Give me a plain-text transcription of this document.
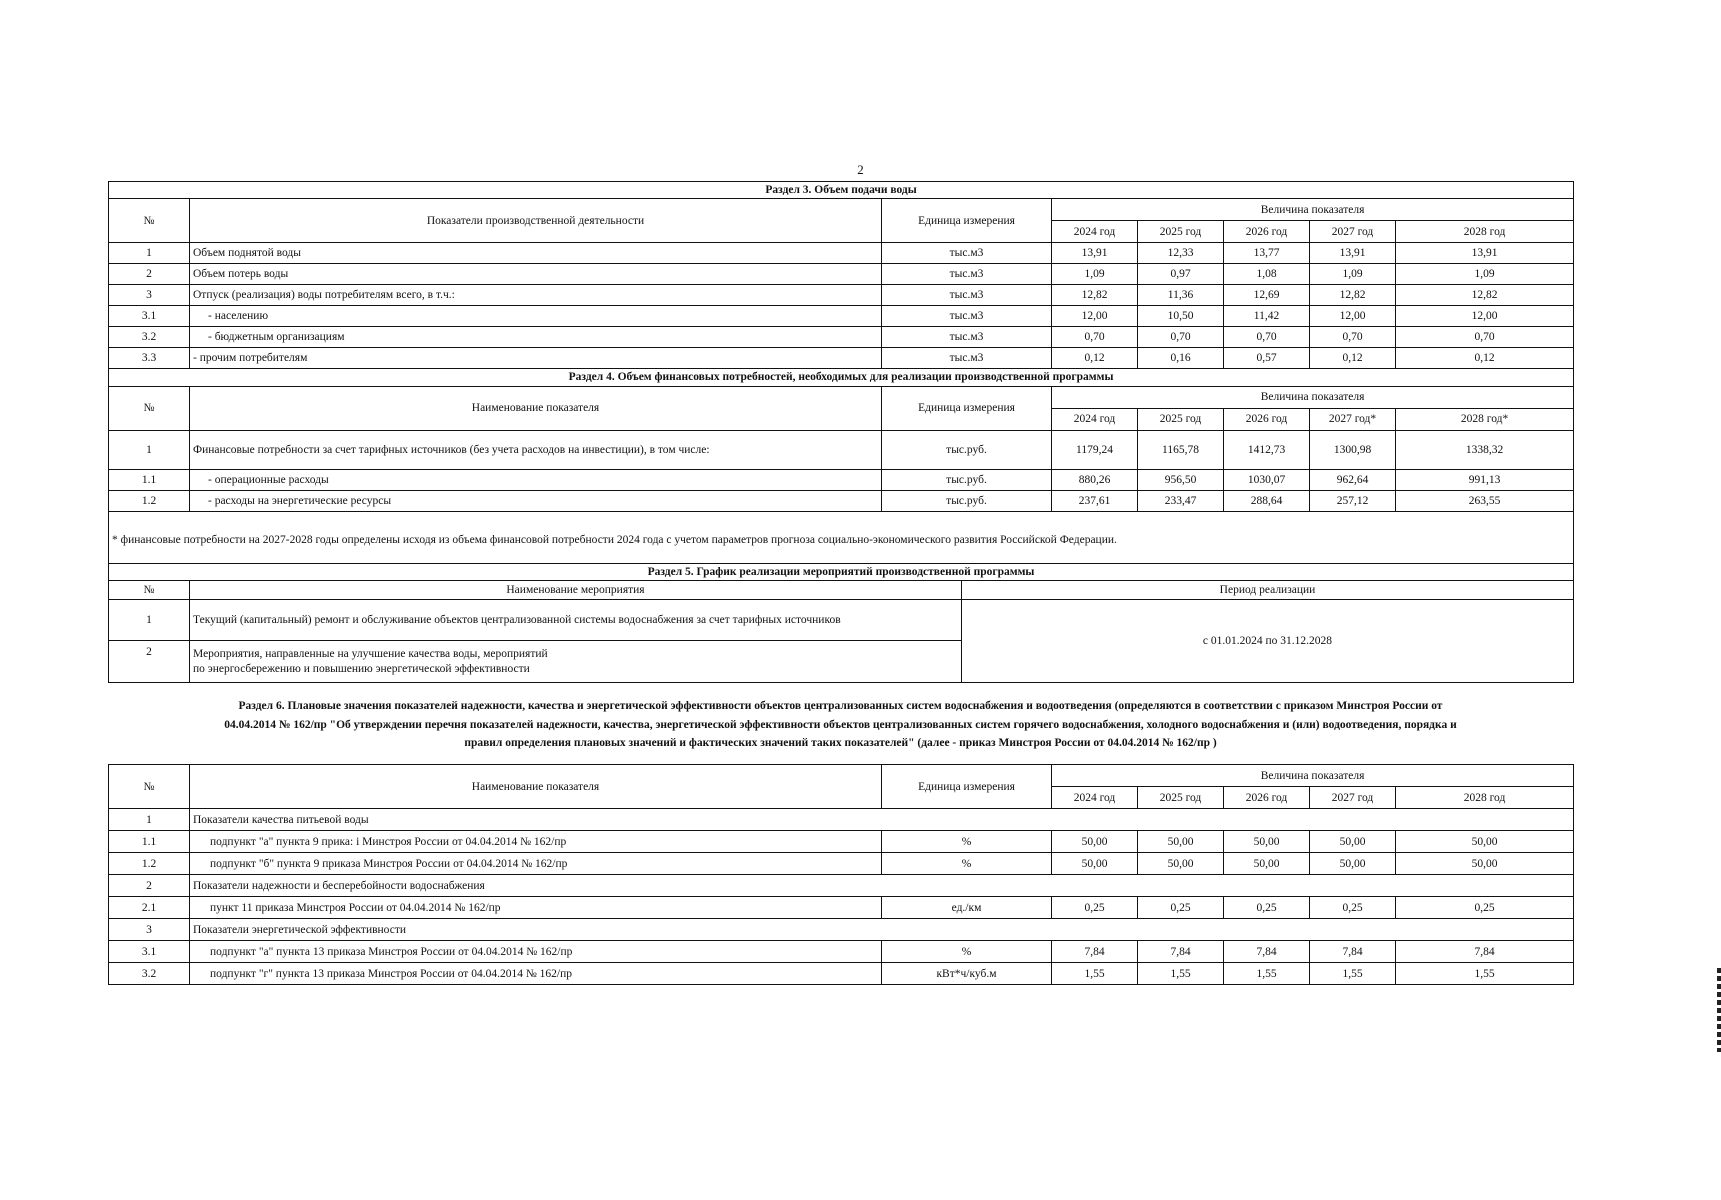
2
Раздел 3. Объем подачи воды							
№	Показатели производственной деятельности	Единица измерения	Величина показателя				
			2024 год	2025 год	2026 год	2027 год	2028 год
1	Объем поднятой воды	тыс.м3	13,91	12,33	13,77	13,91	13,91
2	Объем потерь воды	тыс.м3	1,09	0,97	1,08	1,09	1,09
3	Отпуск (реализация) воды потребителям всего, в т.ч.:	тыс.м3	12,82	11,36	12,69	12,82	12,82
3.1	- населению	тыс.м3	12,00	10,50	11,42	12,00	12,00
3.2	- бюджетным организациям	тыс.м3	0,70	0,70	0,70	0,70	0,70
3.3	- прочим потребителям	тыс.м3	0,12	0,16	0,57	0,12	0,12
Раздел 4. Объем финансовых потребностей, необходимых для реализации производственной программы							
№	Наименование показателя	Единица измерения	Величина показателя				
			2024 год	2025 год	2026 год	2027 год*	2028 год*
1	Финансовые потребности за счет тарифных источников (без учета расходов на инвестиции), в том числе:	тыс.руб.	1179,24	1165,78	1412,73	1300,98	1338,32
1.1	- операционные расходы	тыс.руб.	880,26	956,50	1030,07	962,64	991,13
1.2	- расходы на энергетические ресурсы	тыс.руб.	237,61	233,47	288,64	257,12	263,55
* финансовые потребности на 2027-2028 годы определены исходя из объема финансовой потребности 2024 года с учетом параметров прогноза социально-экономического развития Российской Федерации.							
Раздел 5. График реализации мероприятий производственной программы		
№	Наименование мероприятия	Период реализации
1	Текущий (капитальный) ремонт и обслуживание объектов централизованной системы водоснабжения за счет тарифных источников	с 01.01.2024 по 31.12.2028
2	Мероприятия, направленные на улучшение качества воды, мероприятий
по энергосбережению и повышению энергетической эффективности	
Раздел 6. Плановые значения показателей надежности, качества и энергетической эффективности объектов централизованных систем водоснабжения и водоотведения (определяются в соответствии с приказом Минстроя России от
04.04.2014 № 162/пр "Об утверждении перечня показателей надежности, качества, энергетической эффективности объектов централизованных систем горячего водоснабжения, холодного водоснабжения и (или) водоотведения, порядка и
правил определения плановых значений и фактических значений таких показателей" (далее - приказ Минстроя России от 04.04.2014 № 162/пр )
№	Наименование показателя	Единица измерения	Величина показателя				
			2024 год	2025 год	2026 год	2027 год	2028 год
1	Показатели качества питьевой воды						
1.1	подпункт "а" пункта 9 прика: і Минстроя России от 04.04.2014 № 162/пр	%	50,00	50,00	50,00	50,00	50,00
1.2	подпункт "б" пункта 9 приказа Минстроя России от 04.04.2014 № 162/пр	%	50,00	50,00	50,00	50,00	50,00
2	Показатели надежности и бесперебойности водоснабжения						
2.1	пункт 11 приказа Минстроя России от 04.04.2014 № 162/пр	ед./км	0,25	0,25	0,25	0,25	0,25
3	Показатели энергетической эффективности						
3.1	подпункт "а" пункта 13 приказа Минстроя России от 04.04.2014 № 162/пр	%	7,84	7,84	7,84	7,84	7,84
3.2	подпункт "г" пункта 13 приказа Минстроя России от 04.04.2014 № 162/пр	кВт*ч/куб.м	1,55	1,55	1,55	1,55	1,55
